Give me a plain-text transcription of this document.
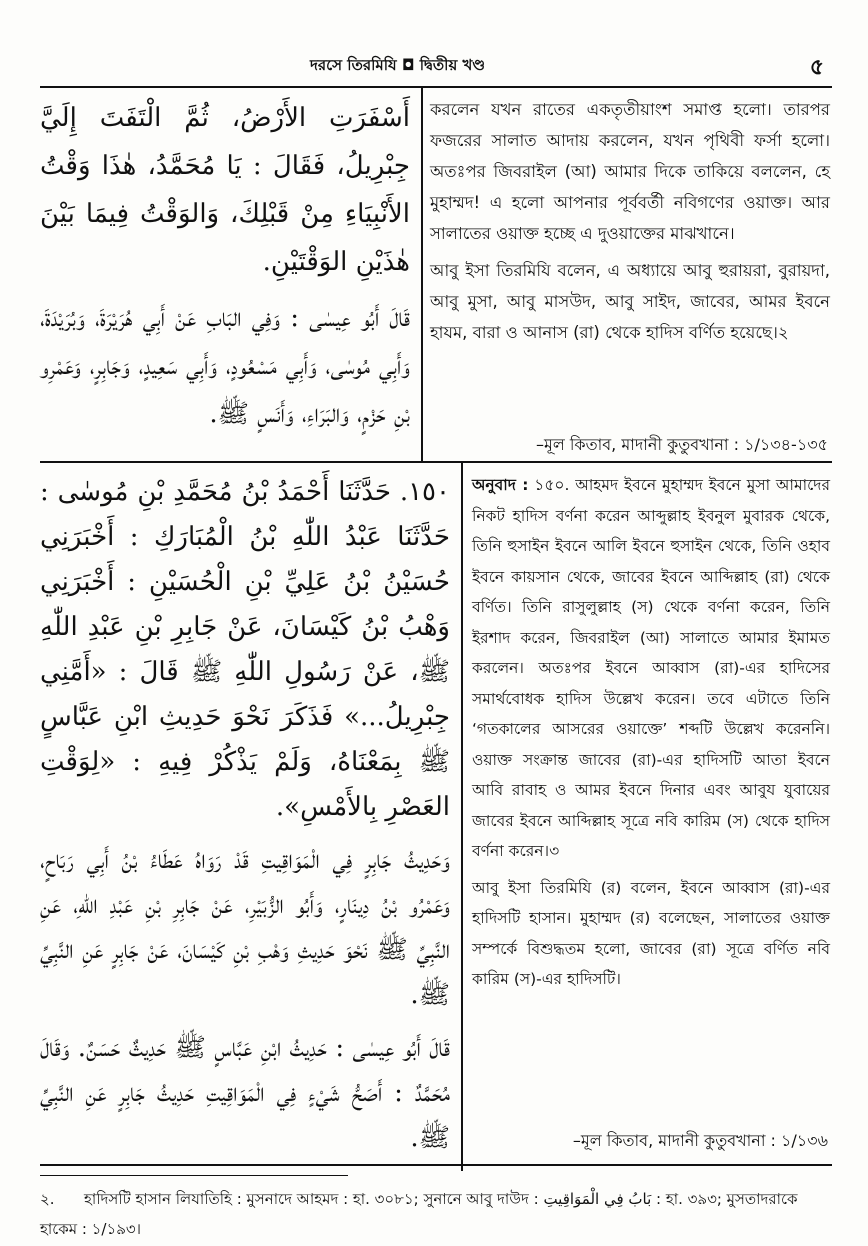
দরসে তিরমিযি ◘ দ্বিতীয় খণ্ড	৫

أَسْفَرَتِ الأَرْضُ، ثُمَّ الْتَفَتَ إِلَيَّ جِبْرِيلُ، فَقَالَ : يَا مُحَمَّدُ، هٰذَا وَقْتُ الأَنْبِيَاءِ مِنْ قَبْلِكَ، وَالوَقْتُ فِيمَا بَيْنَ هٰذَيْنِ الوَقْتَيْنِ.

قَالَ أَبُو عِيسٰى : وَفِي البَابِ عَنْ أَبِي هُرَيْرَةَ، وَبُرَيْدَةَ، وَأَبِي مُوسٰى، وَأَبِي مَسْعُودٍ، وَأَبِي سَعِيدٍ، وَجَابِرٍ، وَعَمْرِو بْنِ حَزْمٍ، وَالبَرَاءِ، وَأَنَسٍ ﷺ.

করলেন যখন রাতের একতৃতীয়াংশ সমাপ্ত হলো। তারপর ফজরের সালাত আদায় করলেন, যখন পৃথিবী ফর্সা হলো। অতঃপর জিবরাইল (আ) আমার দিকে তাকিয়ে বললেন, হে মুহাম্মদ! এ হলো আপনার পূর্ববর্তী নবিগণের ওয়াক্ত। আর সালাতের ওয়াক্ত হচ্ছে এ দুওয়াক্তের মাঝখানে।

আবু ইসা তিরমিযি বলেন, এ অধ্যায়ে আবু হুরায়রা, বুরায়দা, আবু মুসা, আবু মাসউদ, আবু সাইদ, জাবের, আমর ইবনে হাযম, বারা ও আনাস (রা) থেকে হাদিস বর্ণিত হয়েছে।২

–মূল কিতাব, মাদানী কুতুবখানা : ১/১৩৪-১৩৫

١٥٠. حَدَّثَنَا أَحْمَدُ بْنُ مُحَمَّدِ بْنِ مُوسٰى : حَدَّثَنَا عَبْدُ اللّٰهِ بْنُ الْمُبَارَكِ : أَخْبَرَنِي حُسَيْنُ بْنُ عَلِيِّ بْنِ الْحُسَيْنِ : أَخْبَرَنِي وَهْبُ بْنُ كَيْسَانَ، عَنْ جَابِرِ بْنِ عَبْدِ اللّٰهِ ﷺ، عَنْ رَسُولِ اللّٰهِ ﷺ قَالَ : «أَمَّنِي جِبْرِيلُ...» فَذَكَرَ نَحْوَ حَدِيثِ ابْنِ عَبَّاسٍ ﷺ بِمَعْنَاهُ، وَلَمْ يَذْكُرْ فِيهِ : «لِوَقْتِ العَصْرِ بِالأَمْسِ».

وَحَدِيثُ جَابِرٍ فِي الْمَوَاقِيتِ قَدْ رَوَاهُ عَطَاءُ بْنُ أَبِي رَبَاحٍ، وَعَمْرُو بْنُ دِينَارٍ، وَأَبُو الزُّبَيْرِ، عَنْ جَابِرِ بْنِ عَبْدِ اللّٰهِ، عَنِ النَّبِيِّ ﷺ نَحْوَ حَدِيثِ وَهْبِ بْنِ كَيْسَانَ، عَنْ جَابِرٍ عَنِ النَّبِيِّ ﷺ.

قَالَ أَبُو عِيسٰى : حَدِيثُ ابْنِ عَبَّاسٍ ﷺ حَدِيثٌ حَسَنٌ. وَقَالَ مُحَمَّدٌ : أَصَحُّ شَيْءٍ فِي الْمَوَاقِيتِ حَدِيثُ جَابِرٍ عَنِ النَّبِيِّ ﷺ.

অনুবাদ : ১৫০. আহমদ ইবনে মুহাম্মদ ইবনে মুসা আমাদের নিকট হাদিস বর্ণনা করেন আব্দুল্লাহ ইবনুল মুবারক থেকে, তিনি হুসাইন ইবনে আলি ইবনে হুসাইন থেকে, তিনি ওহাব ইবনে কায়সান থেকে, জাবের ইবনে আব্দিল্লাহ (রা) থেকে বর্ণিত। তিনি রাসুলুল্লাহ (স) থেকে বর্ণনা করেন, তিনি ইরশাদ করেন, জিবরাইল (আ) সালাতে আমার ইমামত করলেন। অতঃপর ইবনে আব্বাস (রা)-এর হাদিসের সমার্থবোধক হাদিস উল্লেখ করেন। তবে এটাতে তিনি ‘গতকালের আসরের ওয়াক্তে’ শব্দটি উল্লেখ করেননি। ওয়াক্ত সংক্রান্ত জাবের (রা)-এর হাদিসটি আতা ইবনে আবি রাবাহ ও আমর ইবনে দিনার এবং আবুয যুবায়ের জাবের ইবনে আব্দিল্লাহ সূত্রে নবি কারিম (স) থেকে হাদিস বর্ণনা করেন।৩

আবু ইসা তিরমিযি (র) বলেন, ইবনে আব্বাস (রা)-এর হাদিসটি হাসান। মুহাম্মদ (র) বলেছেন, সালাতের ওয়াক্ত সম্পর্কে বিশুদ্ধতম হলো, জাবের (রা) সূত্রে বর্ণিত নবি কারিম (স)-এর হাদিসটি।

–মূল কিতাব, মাদানী কুতুবখানা : ১/১৩৬
২. হাদিসটি হাসান লিযাতিহি : মুসনাদে আহমদ : হা. ৩০৮১; সুনানে আবু দাউদ : بَابُ فِي الْمَوَاقِيتِ : হা. ৩৯৩; মুসতাদরাকে হাকেম : ১/১৯৩।
